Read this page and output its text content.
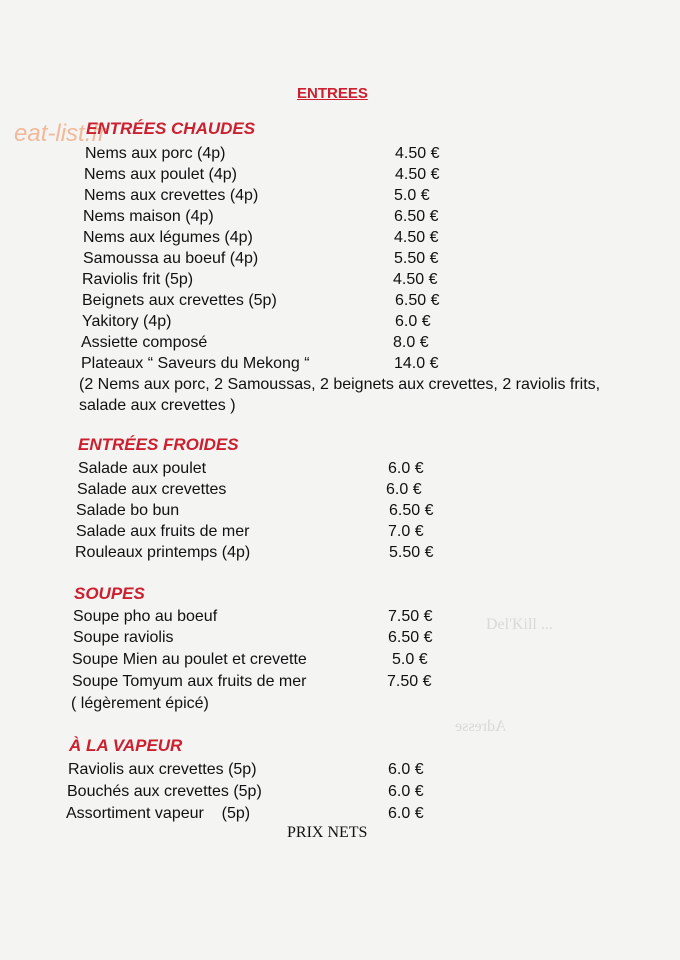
eat-list.fr
Del'Kill ...
Adresse
ENTREES
ENTRÉES CHAUDES
Nems aux porc (4p)	4.50 €
Nems aux poulet (4p)	4.50 €
Nems aux crevettes (4p)	5.0 €
Nems maison (4p)	6.50 €
Nems aux légumes (4p)	4.50 €
Samoussa au boeuf (4p)	5.50 €
Raviolis frit (5p)	4.50 €
Beignets aux crevettes (5p)	6.50 €
Yakitory (4p)	6.0 €
Assiette composé	8.0 €
Plateaux “ Saveurs du Mekong “	14.0 €
(2 Nems aux porc, 2 Samoussas, 2 beignets aux crevettes, 2 raviolis frits, salade aux crevettes )
ENTRÉES FROIDES
Salade aux poulet	6.0 €
Salade aux crevettes	6.0 €
Salade bo bun	6.50 €
Salade aux fruits de mer	7.0 €
Rouleaux printemps (4p)	5.50 €
SOUPES
Soupe pho au boeuf	7.50 €
Soupe raviolis	6.50 €
Soupe Mien au poulet et crevette	5.0 €
Soupe Tomyum aux fruits de mer	7.50 €
( légèrement épicé)
À LA VAPEUR
Raviolis aux crevettes (5p)	6.0 €
Bouchés aux crevettes (5p)	6.0 €
Assortiment vapeur    (5p)	6.0 €
PRIX NETS
